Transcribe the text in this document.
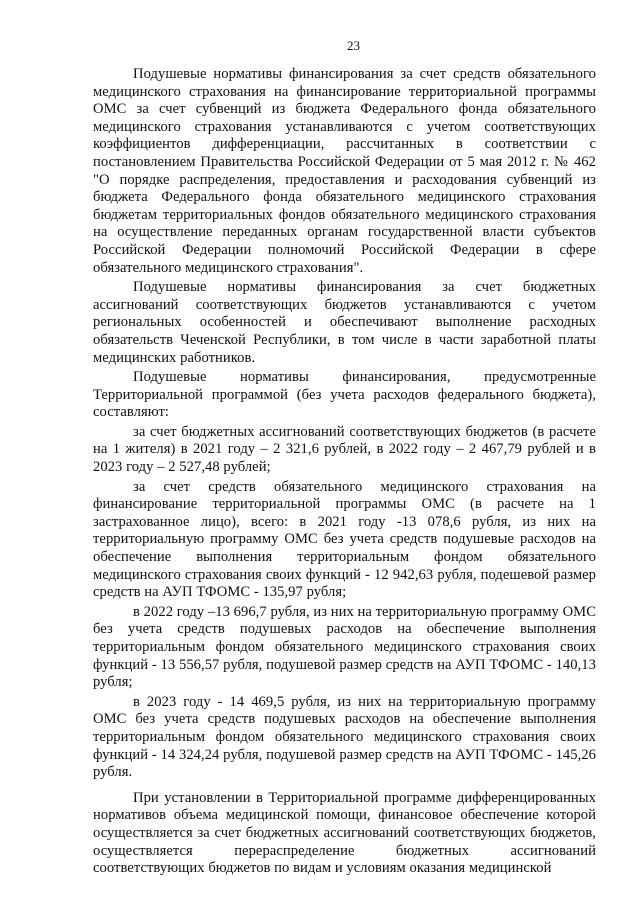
23

Подушевые нормативы финансирования за счет средств обязательного медицинского страхования на финансирование территориальной программы ОМС за счет субвенций из бюджета Федерального фонда обязательного медицинского страхования устанавливаются с учетом соответствующих коэффициентов дифференциации, рассчитанных в соответствии с постановлением Правительства Российской Федерации от 5 мая 2012 г. № 462 "О порядке распределения, предоставления и расходования субвенций из бюджета Федерального фонда обязательного медицинского страхования бюджетам территориальных фондов обязательного медицинского страхования на осуществление переданных органам государственной власти субъектов Российской Федерации полномочий Российской Федерации в сфере обязательного медицинского страхования".

Подушевые нормативы финансирования за счет бюджетных ассигнований соответствующих бюджетов устанавливаются с учетом региональных особенностей и обеспечивают выполнение расходных обязательств Чеченской Республики, в том числе в части заработной платы медицинских работников.

Подушевые нормативы финансирования, предусмотренные Территориальной программой (без учета расходов федерального бюджета), составляют:

за счет бюджетных ассигнований соответствующих бюджетов (в расчете на 1 жителя) в 2021 году – 2 321,6 рублей, в 2022 году – 2 467,79 рублей и в 2023 году – 2 527,48 рублей;

за счет средств обязательного медицинского страхования на финансирование территориальной программы ОМС (в расчете на 1 застрахованное лицо), всего: в 2021 году -13 078,6 рубля, из них на территориальную программу ОМС без учета средств подушевые расходов на обеспечение выполнения территориальным фондом обязательного медицинского страхования своих функций - 12 942,63 рубля, подешевой размер средств на АУП ТФОМС - 135,97 рубля;

в 2022 году –13 696,7 рубля, из них на территориальную программу ОМС без учета средств подушевых расходов на обеспечение выполнения территориальным фондом обязательного медицинского страхования своих функций - 13 556,57 рубля, подушевой размер средств на АУП ТФОМС - 140,13 рубля;

в 2023 году - 14 469,5 рубля, из них на территориальную программу ОМС без учета средств подушевых расходов на обеспечение выполнения территориальным фондом обязательного медицинского страхования своих функций - 14 324,24 рубля, подушевой размер средств на АУП ТФОМС - 145,26 рубля.

При установлении в Территориальной программе дифференцированных нормативов объема медицинской помощи, финансовое обеспечение которой осуществляется за счет бюджетных ассигнований соответствующих бюджетов, осуществляется перераспределение бюджетных ассигнований соответствующих бюджетов по видам и условиям оказания медицинской
